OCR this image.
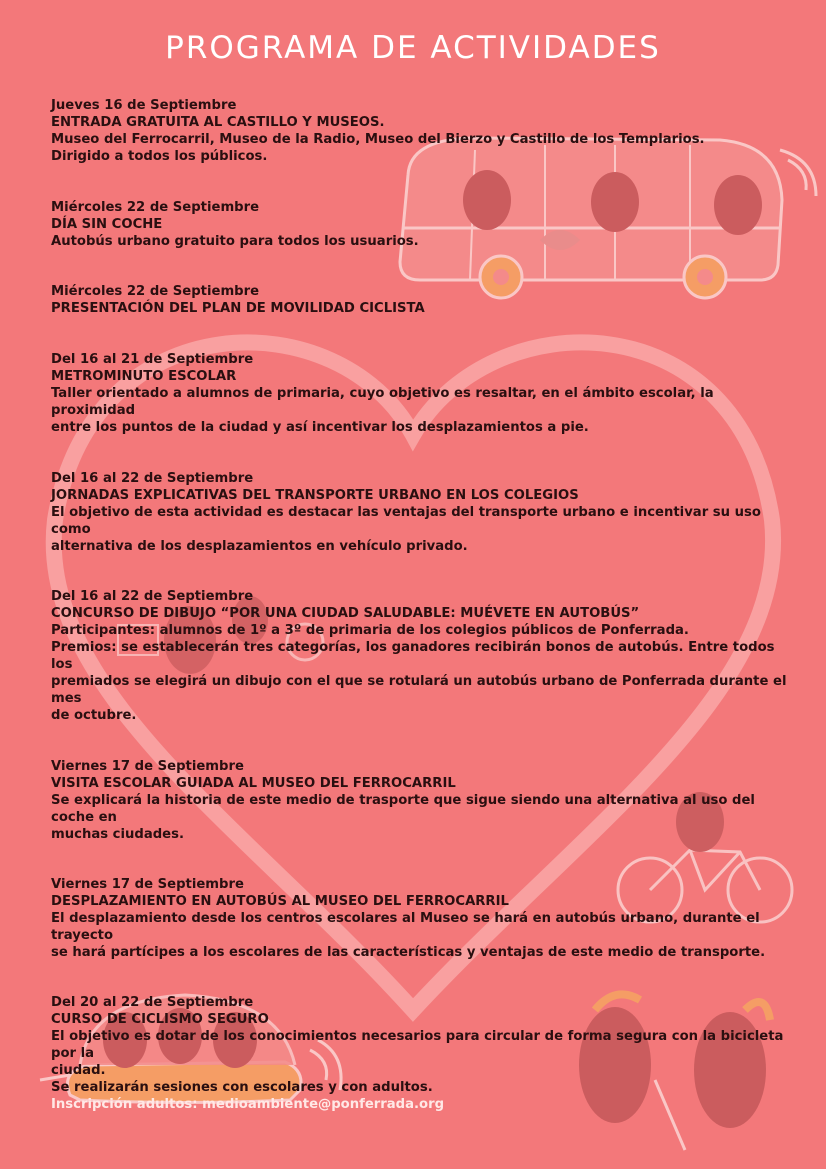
PROGRAMA DE ACTIVIDADES

Jueves 16 de Septiembre

ENTRADA GRATUITA AL CASTILLO Y MUSEOS.

Museo del Ferrocarril, Museo de la Radio, Museo del Bierzo y Castillo de los Templarios.

Dirigido a todos los públicos.

Miércoles 22 de Septiembre

DÍA SIN COCHE

Autobús urbano gratuito para todos los usuarios.

Miércoles 22 de Septiembre

PRESENTACIÓN DEL PLAN DE MOVILIDAD CICLISTA

Del 16 al 21 de Septiembre

METROMINUTO ESCOLAR

Taller orientado a alumnos de primaria, cuyo objetivo es resaltar, en el ámbito escolar, la proximidad

entre los puntos de la ciudad y así incentivar los desplazamientos a pie.

Del 16 al 22 de Septiembre

JORNADAS EXPLICATIVAS DEL TRANSPORTE URBANO EN LOS COLEGIOS

El objetivo de esta actividad es destacar las ventajas del transporte urbano e incentivar su uso como

alternativa de los desplazamientos en vehículo privado.

Del 16 al 22 de Septiembre

CONCURSO DE DIBUJO “POR UNA CIUDAD SALUDABLE: MUÉVETE EN AUTOBÚS”

Participantes: alumnos de 1º a 3º de primaria de los colegios públicos de Ponferrada.

Premios: se establecerán tres categorías, los ganadores recibirán bonos de autobús. Entre todos los

premiados se elegirá un dibujo con el que se rotulará un autobús urbano de Ponferrada durante el mes

de octubre.

Viernes 17 de Septiembre

VISITA ESCOLAR GUIADA AL MUSEO DEL FERROCARRIL

Se explicará la historia de este medio de trasporte que sigue siendo una alternativa al uso del coche en

muchas ciudades.

Viernes 17 de Septiembre

DESPLAZAMIENTO EN AUTOBÚS AL MUSEO DEL FERROCARRIL

El desplazamiento desde los centros escolares al Museo se hará en autobús urbano, durante el trayecto

se hará partícipes a los escolares de las características y ventajas de este medio de transporte.

Del 20 al 22 de Septiembre

CURSO DE CICLISMO SEGURO

El objetivo es dotar de los conocimientos necesarios para circular de forma segura con la bicicleta por la

ciudad.

Se realizarán sesiones con escolares y con adultos.

Inscripción adultos: medioambiente@ponferrada.org
